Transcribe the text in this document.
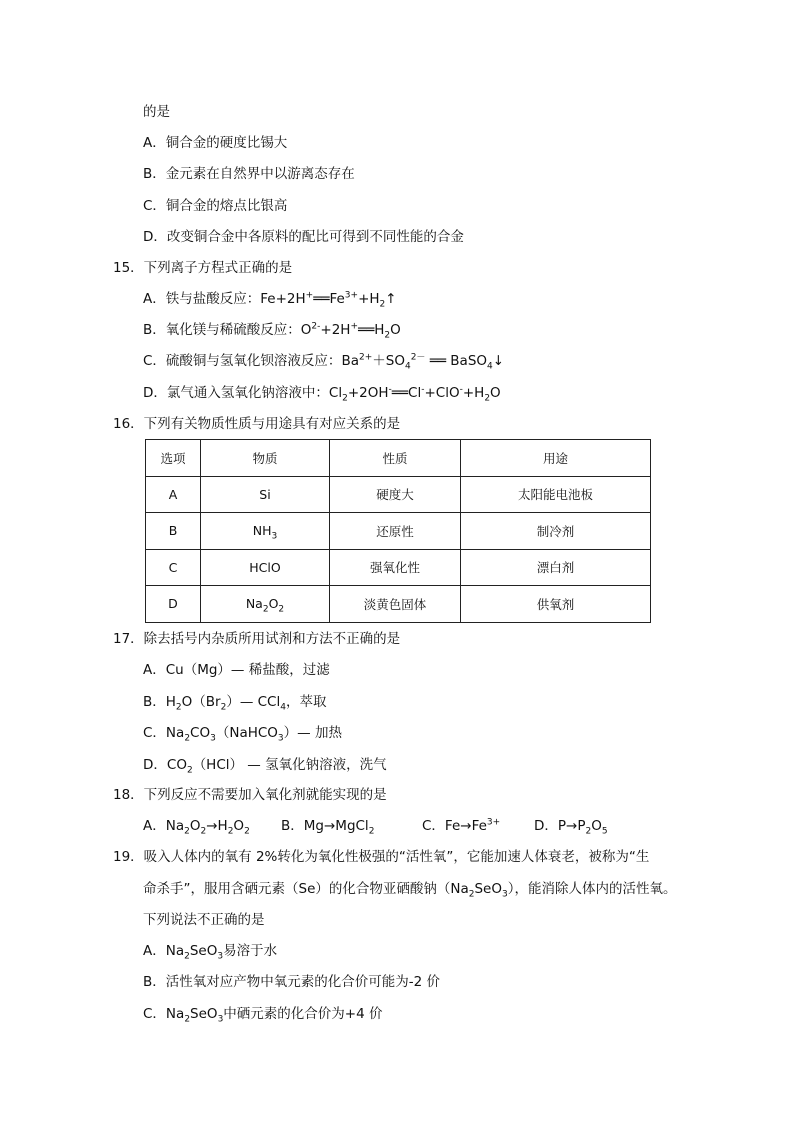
的是
A．铜合金的硬度比锡大
B．金元素在自然界中以游离态存在
C．铜合金的熔点比银高
D．改变铜合金中各原料的配比可得到不同性能的合金
15．下列离子方程式正确的是
A．铁与盐酸反应：$Fe+2H^+══Fe^{3+}+H_2↑$
B．氧化镁与稀硫酸反应：$O^{2-}+2H^+══H_2O$
C．硫酸铜与氢氧化钡溶液反应：$Ba^{2+}+SO_4^{2-}$ ══ BaSO$_4$↓
D．氯气通入氢氧化钠溶液中：$Cl_2+2OH^-══Cl^-+ClO^-+H_2O$
16．下列有关物质性质与用途具有对应关系的是
选项	物质	性质	用途
A	Si	硬度大	太阳能电池板
B	$NH_3$	还原性	制冷剂
C	HClO	强氧化性	漂白剂
D	$Na_2O_2$	淡黄色固体	供氧剂
17．除去括号内杂质所用试剂和方法不正确的是
A．Cu（Mg）— 稀盐酸，过滤
B．$H_2O(Br_2)—$ CCl$_4$，萃取
C．$Na_2CO_3(NaHCO_3)—$ 加热
D．$CO_2(HCl)$ — 氢氧化钠溶液，洗气
18．下列反应不需要加入氧化剂就能实现的是
A．$Na_2O_2\to H_2O_2$ B．Mg→MgCl$_2$	C．$Fe\to Fe^{3+}$	D．$P\to P_2O_5$
19．吸入人体内的氧有 2%转化为氧化性极强的“活性氧”，它能加速人体衰老，被称为“生
命杀手”，服用含硒元素（Se）的化合物亚硒酸钠$(Na_2SeO_3)$，能消除人体内的活性氧。
下列说法不正确的是
A．$Na_2SeO_3$易溶于水
B．活性氧对应产物中氧元素的化合价可能为-2 价
C．$Na_2SeO_3$中硒元素的化合价为+4 价
